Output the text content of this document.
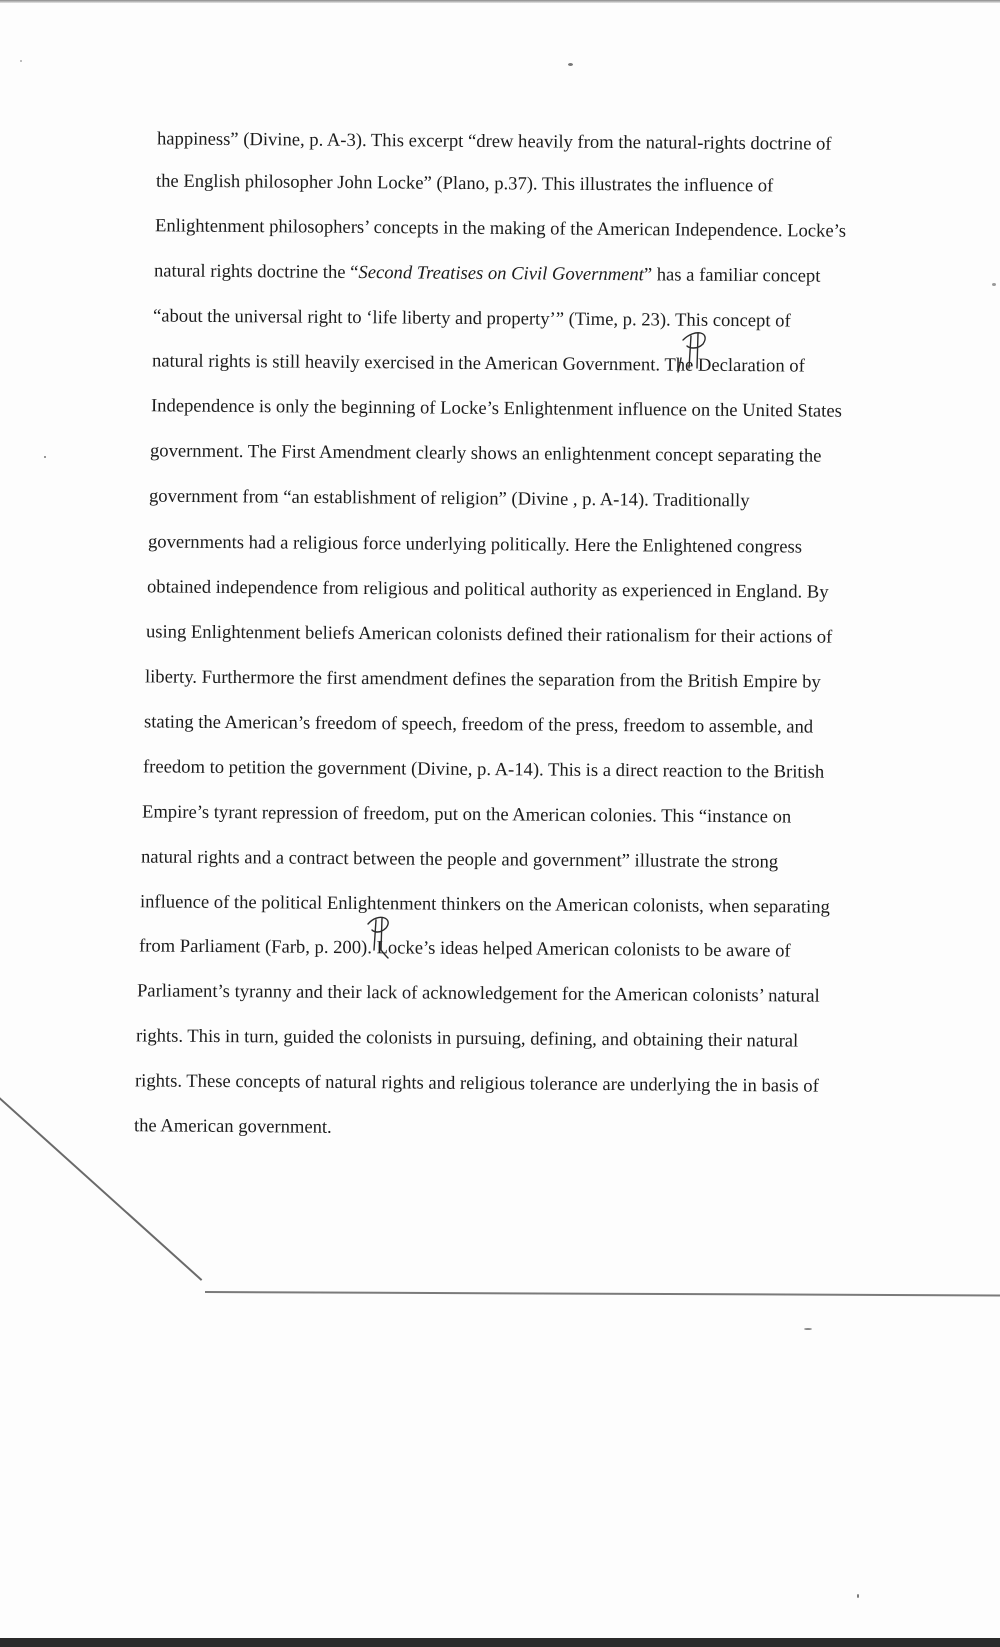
happiness” (Divine, p. A-3). This excerpt “drew heavily from the natural-rights doctrine of
the English philosopher John Locke” (Plano, p.37). This illustrates the influence of
Enlightenment philosophers’ concepts in the making of the American Independence. Locke’s
natural rights doctrine the “Second Treatises on Civil Government” has a familiar concept
“about the universal right to ‘life liberty and property’” (Time, p. 23). This concept of
natural rights is still heavily exercised in the American Government. The Declaration of
Independence is only the beginning of Locke’s Enlightenment influence on the United States
government. The First Amendment clearly shows an enlightenment concept separating the
government from “an establishment of religion” (Divine , p. A-14). Traditionally
governments had a religious force underlying politically. Here the Enlightened congress
obtained independence from religious and political authority as experienced in England. By
using Enlightenment beliefs American colonists defined their rationalism for their actions of
liberty. Furthermore the first amendment defines the separation from the British Empire by
stating the American’s freedom of speech, freedom of the press, freedom to assemble, and
freedom to petition the government (Divine, p. A-14). This is a direct reaction to the British
Empire’s tyrant repression of freedom, put on the American colonies. This “instance on
natural rights and a contract between the people and government” illustrate the strong
influence of the political Enlightenment thinkers on the American colonists, when separating
from Parliament (Farb, p. 200). Locke’s ideas helped American colonists to be aware of
Parliament’s tyranny and their lack of acknowledgement for the American colonists’ natural
rights. This in turn, guided the colonists in pursuing, defining, and obtaining their natural
rights. These concepts of natural rights and religious tolerance are underlying the in basis of
the American government.
